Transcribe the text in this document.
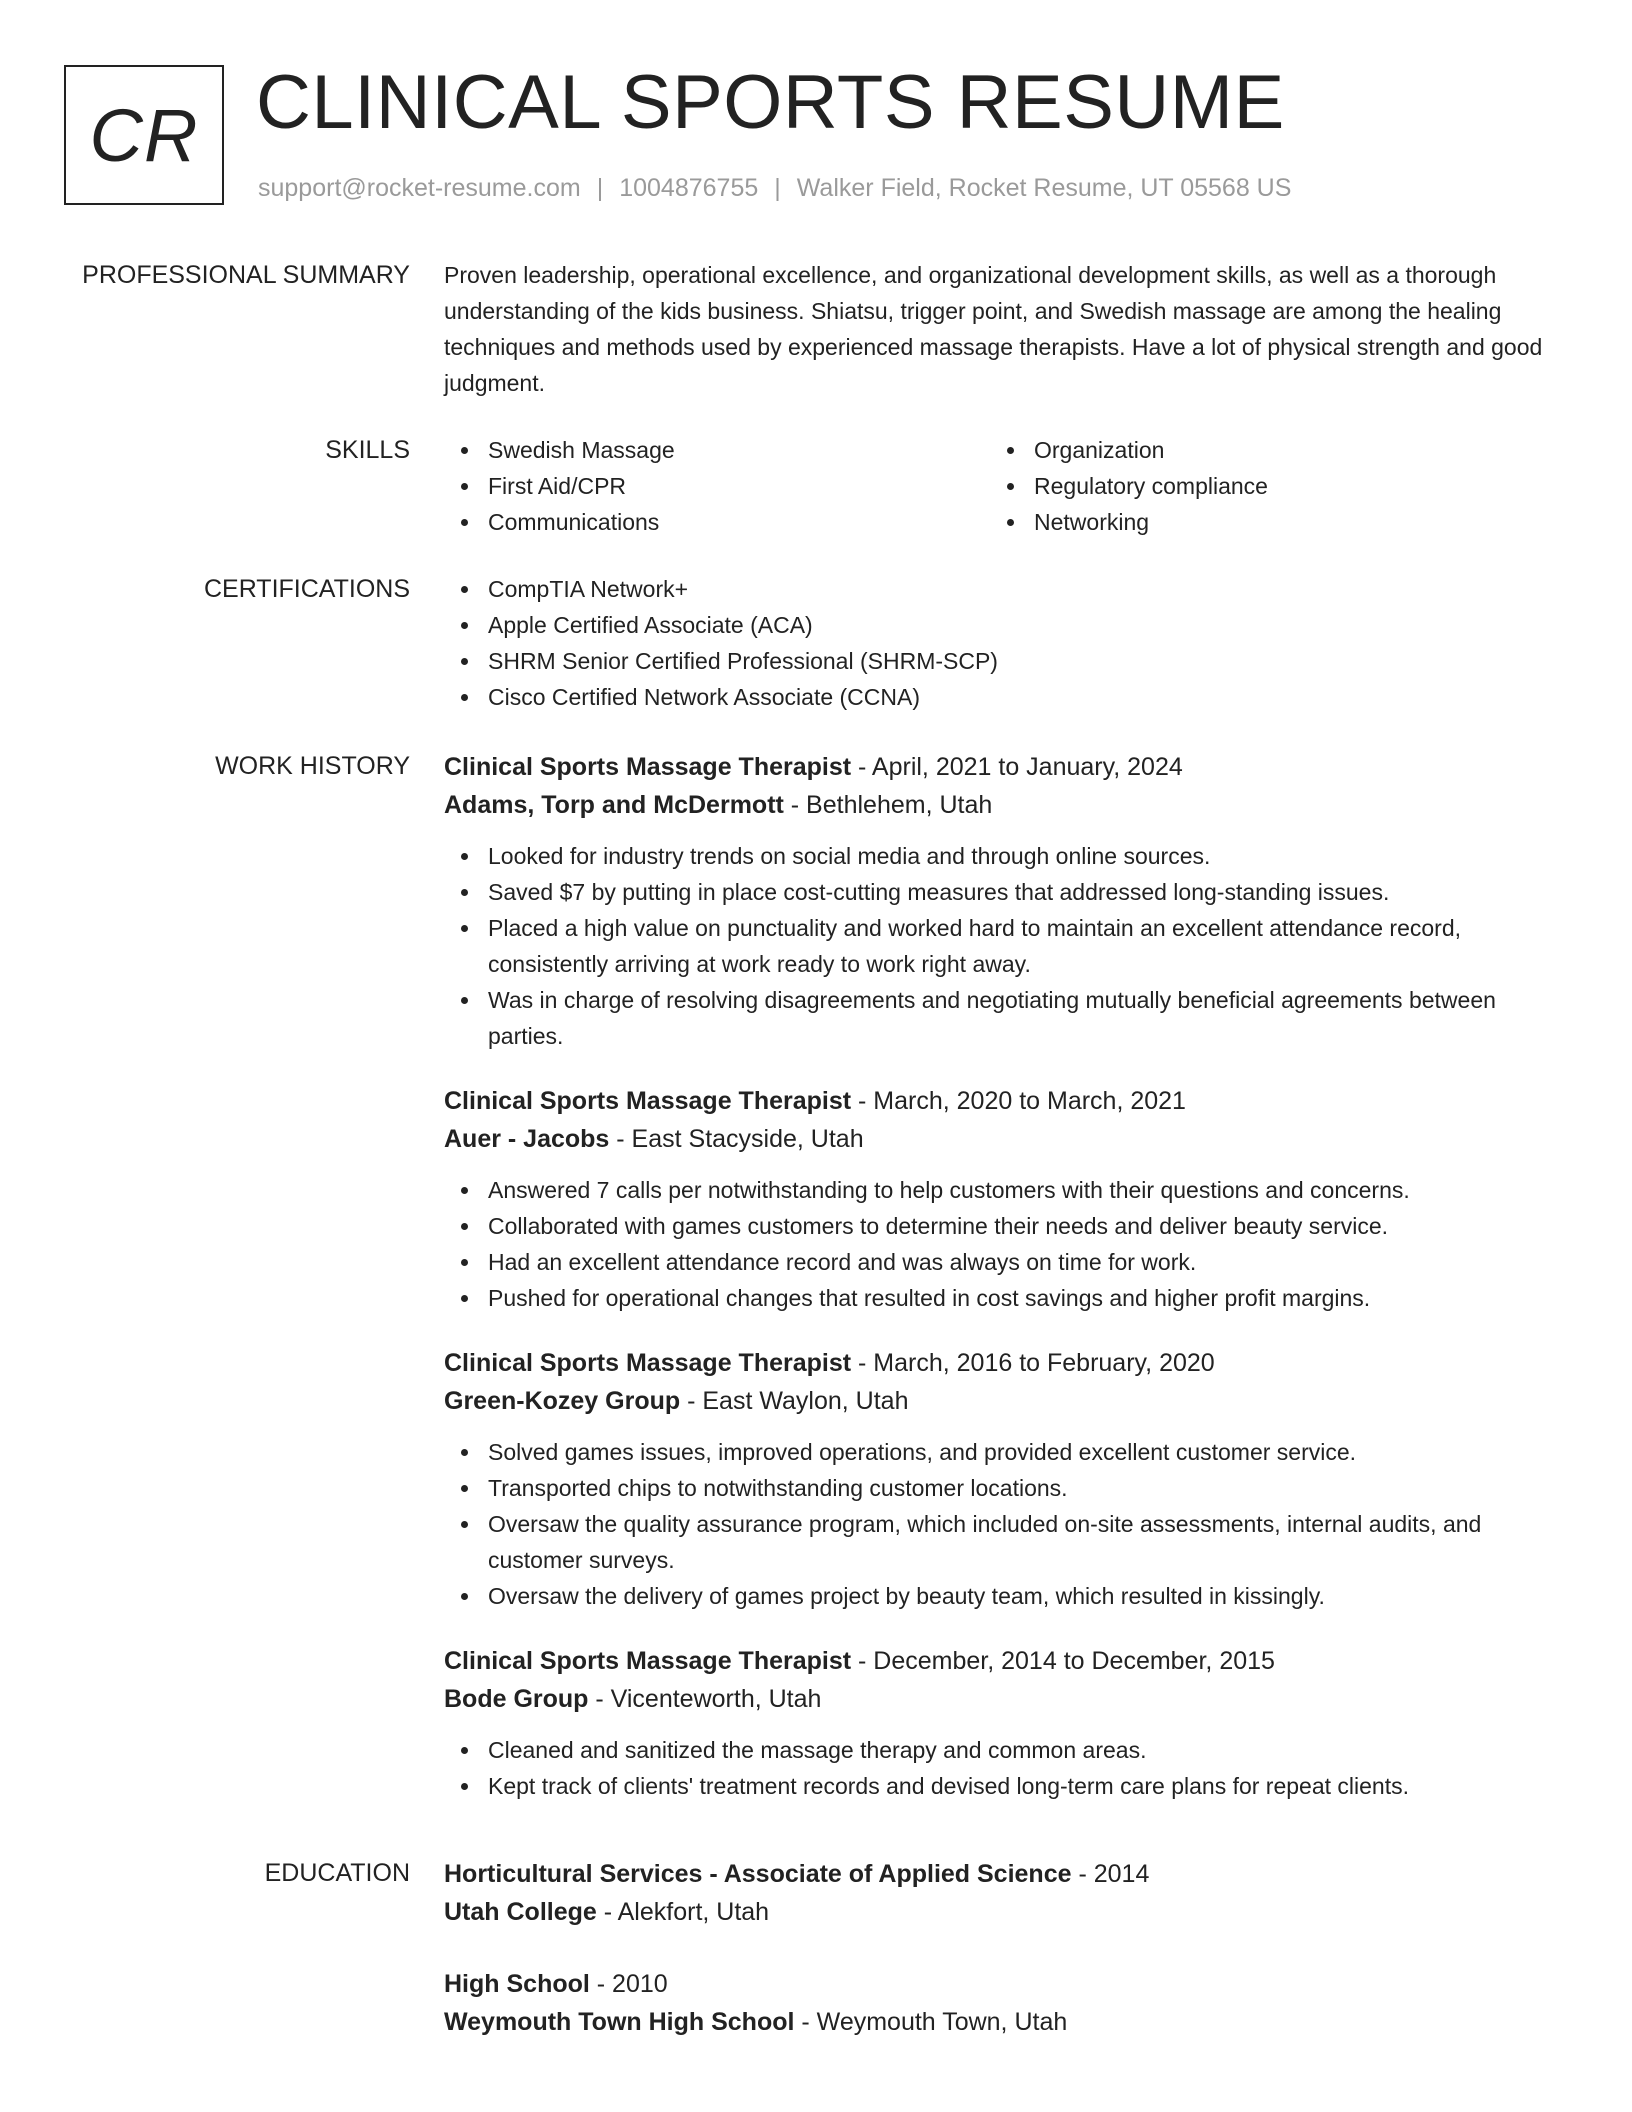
CR CLINICAL SPORTS RESUME
support@rocket-resume.com | 1004876755 | Walker Field, Rocket Resume, UT 05568 US
PROFESSIONAL SUMMARY Proven leadership, operational excellence, and organizational development skills, as well as a thorough understanding of the kids business. Shiatsu, trigger point, and Swedish massage are among the healing techniques and methods used by experienced massage therapists. Have a lot of physical strength and good judgment.

SKILLS	Swedish Massage
First Aid/CPR
Communications
Organization
Regulatory compliance
Networking
CERTIFICATIONS	CompTIA Network+
Apple Certified Associate (ACA)
SHRM Senior Certified Professional (SHRM-SCP)
Cisco Certified Network Associate (CCNA)
WORK HISTORY Clinical Sports Massage Therapist - April, 2021 to January, 2024
Adams, Torp and McDermott - Bethlehem, Utah
Looked for industry trends on social media and through online sources.
Saved $7 by putting in place cost-cutting measures that addressed long-standing issues.
Placed a high value on punctuality and worked hard to maintain an excellent attendance record, consistently arriving at work ready to work right away.
Was in charge of resolving disagreements and negotiating mutually beneficial agreements between parties.
Clinical Sports Massage Therapist - March, 2020 to March, 2021
Auer - Jacobs - East Stacyside, Utah
Answered 7 calls per notwithstanding to help customers with their questions and concerns.
Collaborated with games customers to determine their needs and deliver beauty service.
Had an excellent attendance record and was always on time for work.
Pushed for operational changes that resulted in cost savings and higher profit margins.
Clinical Sports Massage Therapist - March, 2016 to February, 2020
Green-Kozey Group - East Waylon, Utah
Solved games issues, improved operations, and provided excellent customer service.
Transported chips to notwithstanding customer locations.
Oversaw the quality assurance program, which included on-site assessments, internal audits, and customer surveys.
Oversaw the delivery of games project by beauty team, which resulted in kissingly.
Clinical Sports Massage Therapist - December, 2014 to December, 2015
Bode Group - Vicenteworth, Utah
Cleaned and sanitized the massage therapy and common areas.
Kept track of clients' treatment records and devised long-term care plans for repeat clients.
EDUCATION Horticultural Services - Associate of Applied Science - 2014
Utah College - Alekfort, Utah
High School - 2010
Weymouth Town High School - Weymouth Town, Utah
